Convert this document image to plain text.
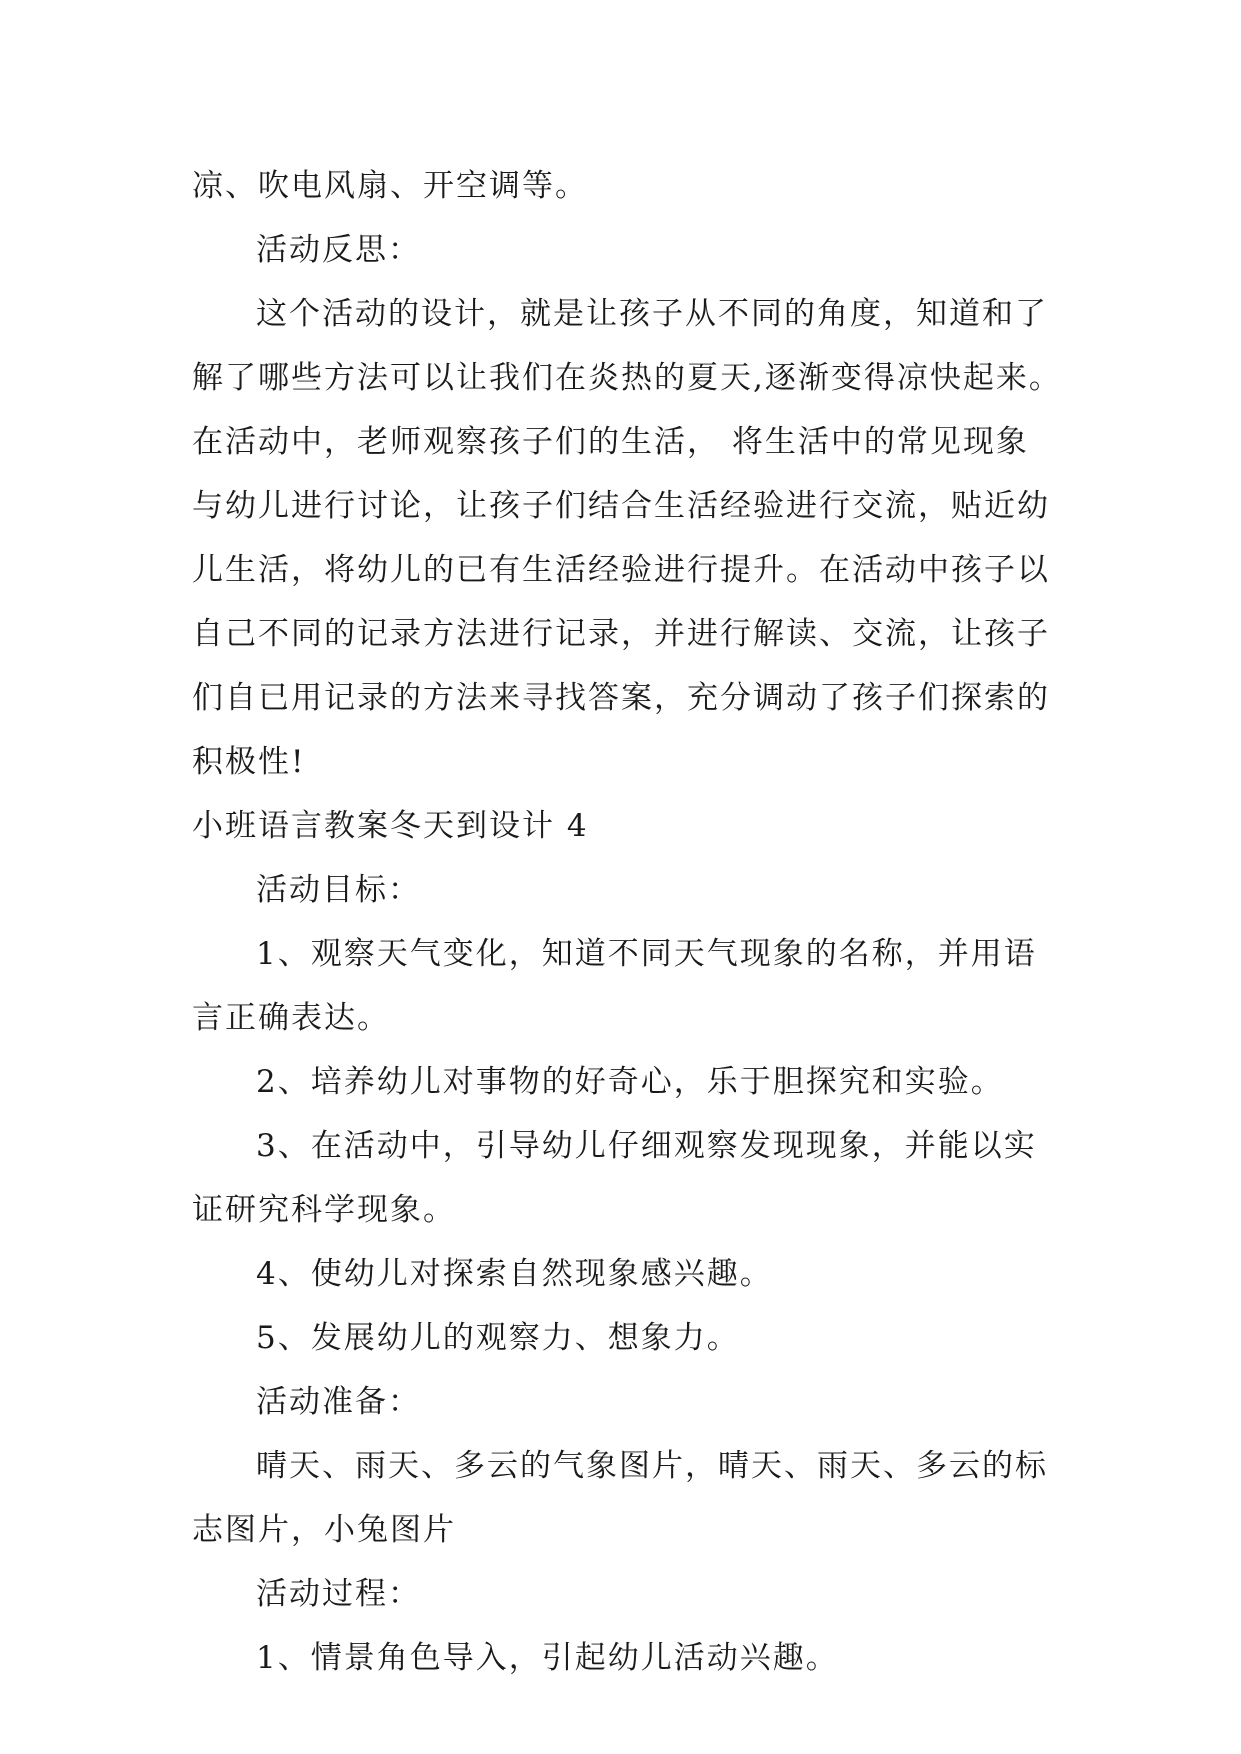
凉、吹电风扇、开空调等。

活动反思：

这个活动的设计，就是让孩子从不同的角度，知道和了

解了哪些方法可以让我们在炎热的夏天,逐渐变得凉快起来。

在活动中，老师观察孩子们的生活， 将生活中的常见现象

与幼儿进行讨论，让孩子们结合生活经验进行交流，贴近幼

儿生活，将幼儿的已有生活经验进行提升。在活动中孩子以

自己不同的记录方法进行记录，并进行解读、交流，让孩子

们自已用记录的方法来寻找答案，充分调动了孩子们探索的

积极性!

小班语言教案冬天到设计 4

活动目标：

1、观察天气变化，知道不同天气现象的名称，并用语

言正确表达。

2、培养幼儿对事物的好奇心，乐于胆探究和实验。

3、在活动中，引导幼儿仔细观察发现现象，并能以实

证研究科学现象。

4、使幼儿对探索自然现象感兴趣。

5、发展幼儿的观察力、想象力。

活动准备：

晴天、雨天、多云的气象图片，晴天、雨天、多云的标

志图片，小兔图片

活动过程：

1、情景角色导入，引起幼儿活动兴趣。
